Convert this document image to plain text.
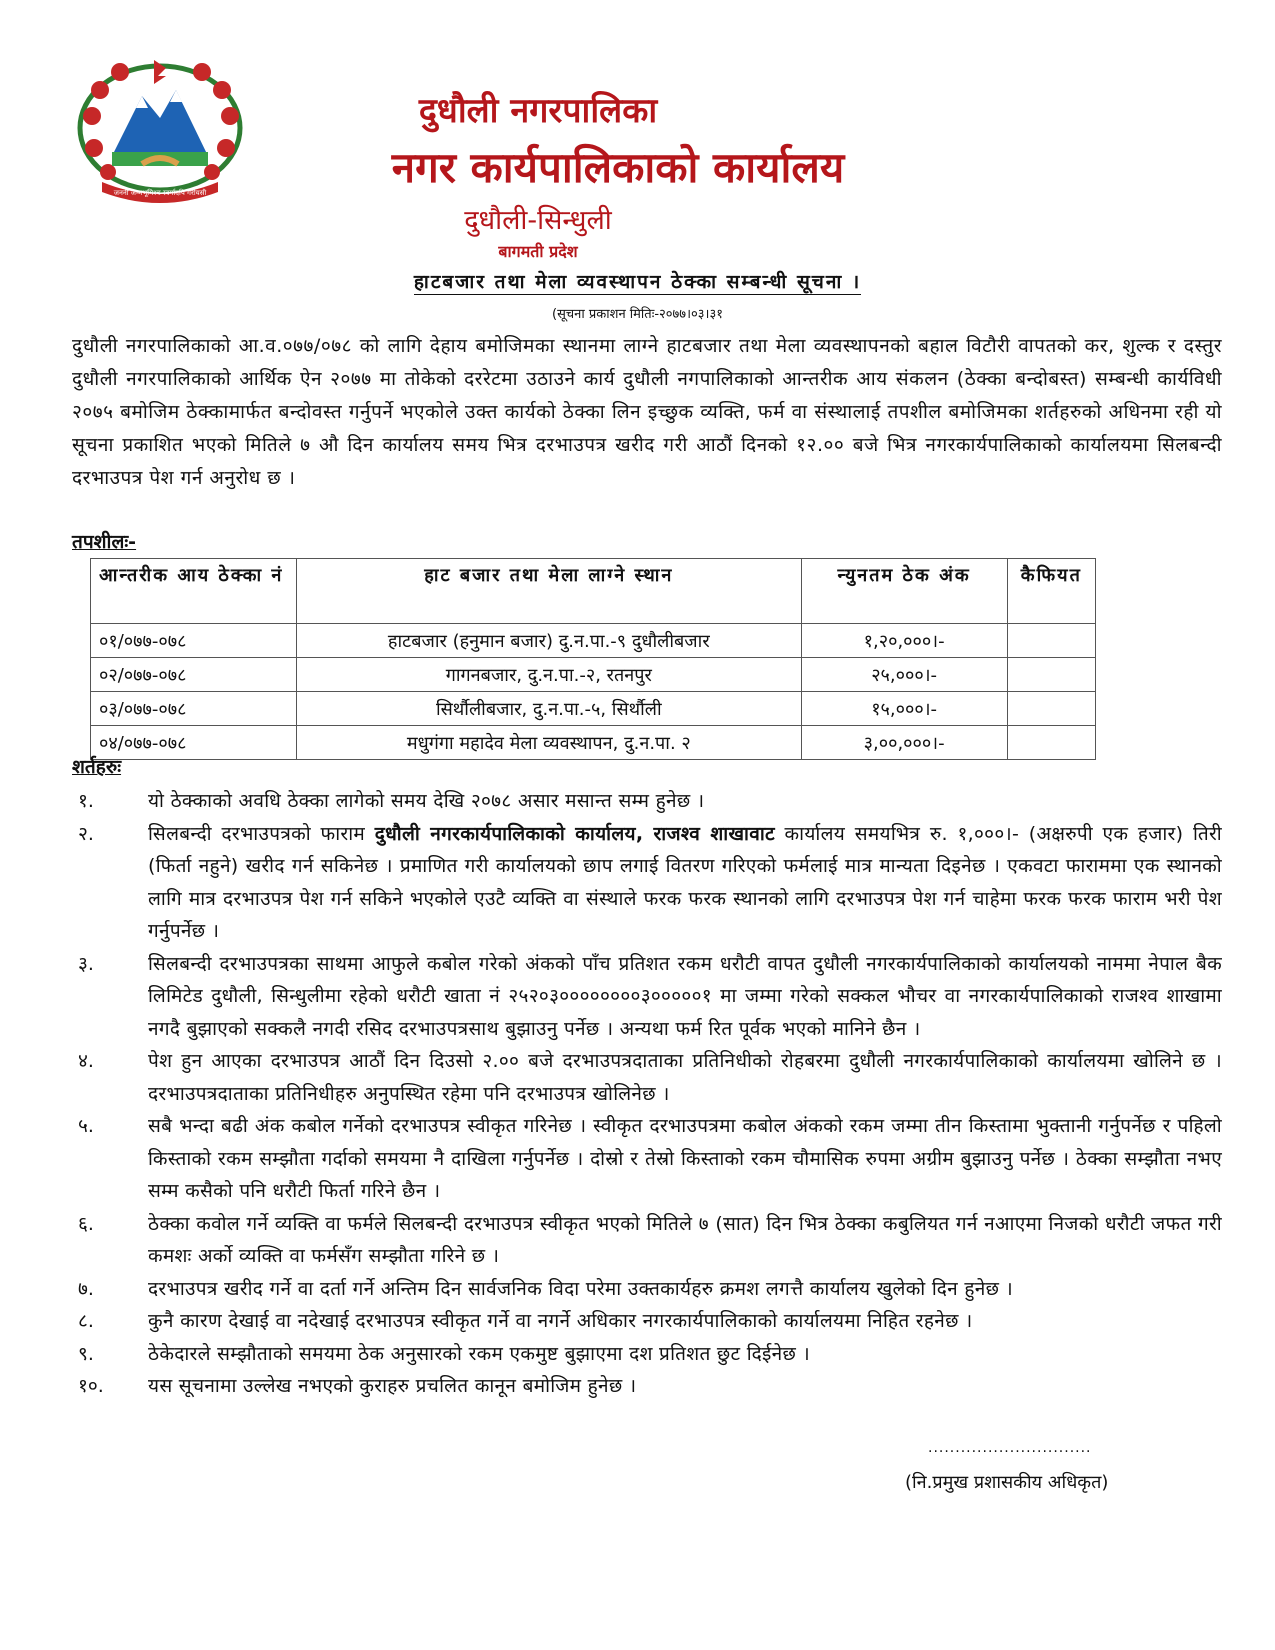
जननी जन्मभूमिश्च स्वर्गादपि गरीयसी
दुधौली नगरपालिका
नगर कार्यपालिकाको कार्यालय
दुधौली-सिन्धुली
बागमती प्रदेश
हाटबजार तथा मेला व्यवस्थापन ठेक्का सम्बन्धी सूचना ।
(सूचना प्रकाशन मितिः-२०७७।०३।३१
दुधौली नगरपालिकाको आ.व.०७७/०७८ को लागि देहाय बमोजिमका स्थानमा लाग्ने हाटबजार तथा मेला व्यवस्थापनको बहाल विटौरी वापतको कर, शुल्क र दस्तुर दुधौली नगरपालिकाको आर्थिक ऐन २०७७ मा तोकेको दररेटमा उठाउने कार्य दुधौली नगपालिकाको आन्तरीक आय संकलन (ठेक्का बन्दोबस्त) सम्बन्धी कार्यविधी २०७५ बमोजिम ठेक्कामार्फत बन्दोवस्त गर्नुपर्ने भएकोले उक्त कार्यको ठेक्का लिन इच्छुक व्यक्ति, फर्म वा संस्थालाई तपशील बमोजिमका शर्तहरुको अधिनमा रही यो सूचना प्रकाशित भएको मितिले ७ औ दिन कार्यालय समय भित्र दरभाउपत्र खरीद गरी आठौं दिनको १२.०० बजे भित्र नगरकार्यपालिकाको कार्यालयमा सिलबन्दी दरभाउपत्र पेश गर्न अनुरोध छ ।
तपशीलः-
आन्तरीक आय ठेक्का नं	हाट बजार तथा मेला लाग्ने स्थान	न्युनतम ठेक अंक	कैफियत
०१/०७७-०७८	हाटबजार (हनुमान बजार) दु.न.पा.-९ दुधौलीबजार	१,२०,०००।-	
०२/०७७-०७८	गागनबजार, दु.न.पा.-२, रतनपुर	२५,०००।-	
०३/०७७-०७८	सिर्थौलीबजार, दु.न.पा.-५, सिर्थौली	१५,०००।-	
०४/०७७-०७८	मधुगंगा महादेव मेला व्यवस्थापन, दु.न.पा. २	३,००,०००।-	
शर्तहरुः
१.	यो ठेक्काको अवधि ठेक्का लागेको समय देखि २०७८ असार मसान्त सम्म हुनेछ ।
२.	सिलबन्दी दरभाउपत्रको फाराम दुधौली नगरकार्यपालिकाको कार्यालय, राजश्व शाखावाट कार्यालय समयभित्र रु. १,०००।- (अक्षरुपी एक हजार) तिरी (फिर्ता नहुने) खरीद गर्न सकिनेछ । प्रमाणित गरी कार्यालयको छाप लगाई वितरण गरिएको फर्मलाई मात्र मान्यता दिइनेछ । एकवटा फाराममा एक स्थानको लागि मात्र दरभाउपत्र पेश गर्न सकिने भएकोले एउटै व्यक्ति वा संस्थाले फरक फरक स्थानको लागि दरभाउपत्र पेश गर्न चाहेमा फरक फरक फाराम भरी पेश गर्नुपर्नेछ ।
३.	सिलबन्दी दरभाउपत्रका साथमा आफुले कबोल गरेको अंकको पाँच प्रतिशत रकम धरौटी वापत दुधौली नगरकार्यपालिकाको कार्यालयको नाममा नेपाल बैक लिमिटेड दुधौली, सिन्धुलीमा रहेको धरौटी खाता नं २५२०३००००००००३०००००१ मा जम्मा गरेको सक्कल भौचर वा नगरकार्यपालिकाको राजश्व शाखामा नगदै बुझाएको सक्कलै नगदी रसिद दरभाउपत्रसाथ बुझाउनु पर्नेछ । अन्यथा फर्म रित पूर्वक भएको मानिने छैन ।
४.	पेश हुन आएका दरभाउपत्र आठौं दिन दिउसो २.०० बजे दरभाउपत्रदाताका प्रतिनिधीको रोहबरमा दुधौली नगरकार्यपालिकाको कार्यालयमा खोलिने छ । दरभाउपत्रदाताका प्रतिनिधीहरु अनुपस्थित रहेमा पनि दरभाउपत्र खोलिनेछ ।
५.	सबै भन्दा बढी अंक कबोल गर्नेको दरभाउपत्र स्वीकृत गरिनेछ । स्वीकृत दरभाउपत्रमा कबोल अंकको रकम जम्मा तीन किस्तामा भुक्तानी गर्नुपर्नेछ र पहिलो किस्ताको रकम सम्झौता गर्दाको समयमा नै दाखिला गर्नुपर्नेछ । दोस्रो र तेस्रो किस्ताको रकम चौमासिक रुपमा अग्रीम बुझाउनु पर्नेछ । ठेक्का सम्झौता नभए सम्म कसैको पनि धरौटी फिर्ता गरिने छैन ।
६.	ठेक्का कवोल गर्ने व्यक्ति वा फर्मले सिलबन्दी दरभाउपत्र स्वीकृत भएको मितिले ७ (सात) दिन भित्र ठेक्का कबुलियत गर्न नआएमा निजको धरौटी जफत गरी कमशः अर्को व्यक्ति वा फर्मसँग सम्झौता गरिने छ ।
७.	दरभाउपत्र खरीद गर्ने वा दर्ता गर्ने अन्तिम दिन सार्वजनिक विदा परेमा उक्तकार्यहरु क्रमश लगत्तै कार्यालय खुलेको दिन हुनेछ ।
८.	कुनै कारण देखाई वा नदेखाई दरभाउपत्र स्वीकृत गर्ने वा नगर्ने अधिकार नगरकार्यपालिकाको कार्यालयमा निहित रहनेछ ।
९.	ठेकेदारले सम्झौताको समयमा ठेक अनुसारको रकम एकमुष्ट बुझाएमा दश प्रतिशत छुट दिईनेछ ।
१०.	यस सूचनामा उल्लेख नभएको कुराहरु प्रचलित कानून बमोजिम हुनेछ ।
..............................
(नि.प्रमुख प्रशासकीय अधिकृत)
